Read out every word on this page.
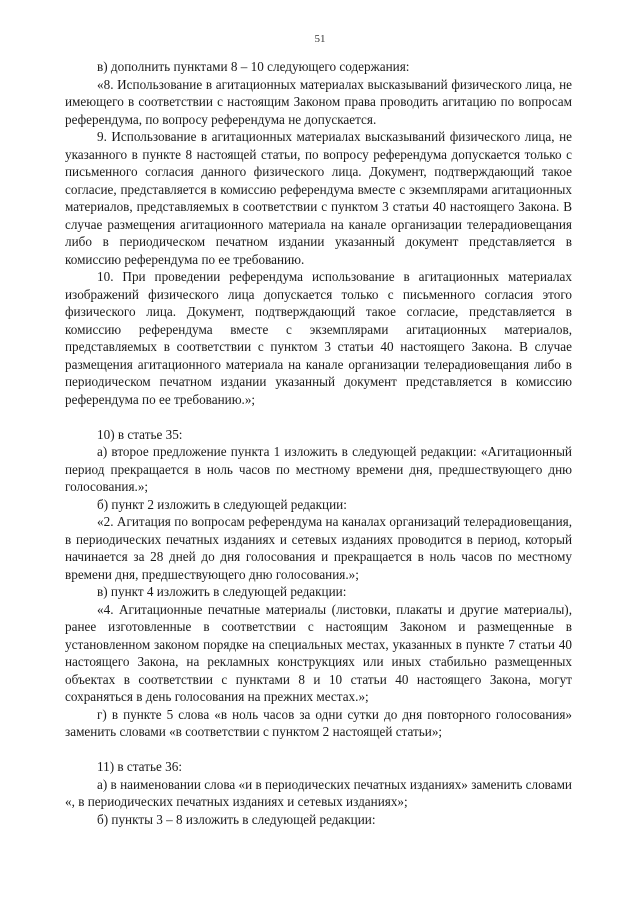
51

в) дополнить пунктами 8 – 10 следующего содержания:

«8. Использование в агитационных материалах высказываний физического лица, не имеющего в соответствии с настоящим Законом права проводить агитацию по вопросам референдума, по вопросу референдума не допускается.

9. Использование в агитационных материалах высказываний физического лица, не указанного в пункте 8 настоящей статьи, по вопросу референдума допускается только с письменного согласия данного физического лица. Документ, подтверждающий такое согласие, представляется в комиссию референдума вместе с экземплярами агитационных материалов, представляемых в соответствии с пунктом 3 статьи 40 настоящего Закона. В случае размещения агитационного материала на канале организации телерадиовещания либо в периодическом печатном издании указанный документ представляется в комиссию референдума по ее требованию.

10. При проведении референдума использование в агитационных материалах изображений физического лица допускается только с письменного согласия этого физического лица. Документ, подтверждающий такое согласие, представляется в комиссию референдума вместе с экземплярами агитационных материалов, представляемых в соответствии с пунктом 3 статьи 40 настоящего Закона. В случае размещения агитационного материала на канале организации телерадиовещания либо в периодическом печатном издании указанный документ представляется в комиссию референдума по ее требованию.»;

10) в статье 35:

а) второе предложение пункта 1 изложить в следующей редакции: «Агитационный период прекращается в ноль часов по местному времени дня, предшествующего дню голосования.»;

б) пункт 2 изложить в следующей редакции:

«2. Агитация по вопросам референдума на каналах организаций телерадиовещания, в периодических печатных изданиях и сетевых изданиях проводится в период, который начинается за 28 дней до дня голосования и прекращается в ноль часов по местному времени дня, предшествующего дню голосования.»;

в) пункт 4 изложить в следующей редакции:

«4. Агитационные печатные материалы (листовки, плакаты и другие материалы), ранее изготовленные в соответствии с настоящим Законом и размещенные в установленном законом порядке на специальных местах, указанных в пункте 7 статьи 40 настоящего Закона, на рекламных конструкциях или иных стабильно размещенных объектах в соответствии с пунктами 8 и 10 статьи 40 настоящего Закона, могут сохраняться в день голосования на прежних местах.»;

г) в пункте 5 слова «в ноль часов за одни сутки до дня повторного голосования» заменить словами «в соответствии с пунктом 2 настоящей статьи»;

11) в статье 36:

а) в наименовании слова «и в периодических печатных изданиях» заменить словами «, в периодических печатных изданиях и сетевых изданиях»;

б) пункты 3 – 8 изложить в следующей редакции:
